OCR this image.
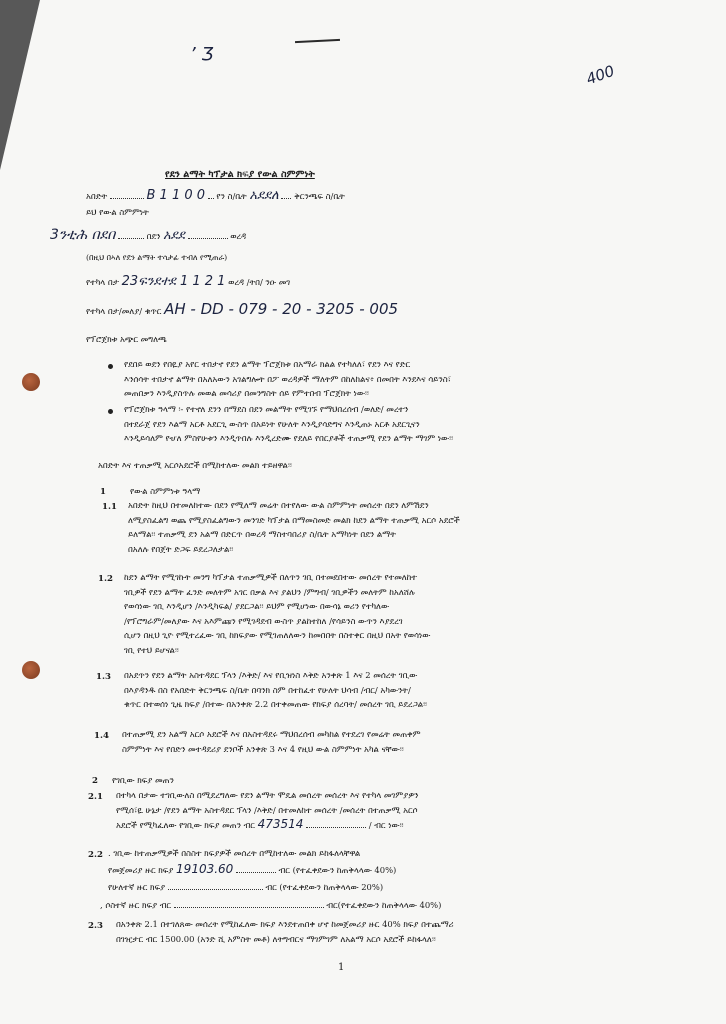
’ Ʒ
400
የደን ልማት ካፕታል ክፍያ የውል ስምምነት
አበድት	B 1 1 0 0 የን ስ/ቤት አደደለ ቅርንጫፍ ስ/ቤት
ይህ የውል ስምምነት
3ንቲሕ በደበ	በደን አደደ	ወረዳ
(በዚህ በኣለ የደን ልማት ተሳታፊ ተብለ የሚጠራ)
የተካላ በታ 23ፍንደተደ 1 1 2 1 ወረዳ /ትበ/ ንዑ መገ
የተካላ በታ/መለያ/ ቁጥር AH - DD - 079 - 20 - 3205 - 005
የፕሮጀክቱ አጭር መግለጫ
የደበይ ወደን የበዪያ አየር ተበታኖ የደን ልማት ፕሮጀክቱ በአማራ ክልል የተካለለ፣ የደን እና የድር
እንሰሳት ተበታኖ ልማት በአለአውን አገልግሎት በፖ ወረዳዎች ማለትም በከለከልና፥ በመበት እንደእና ሳይንስ፣
መጠበቃን እንዲያስጥሉ መወል መሳሪያ በመንግስት ሰይ የምተበብ ፕሮጀክት ነው፡፡
የፕሮጀክቱ ዓላማ ፡- የተኖለ ደንን በማደስ በደን መልማት የሚገኙ የማህበረሰብ /ወለድ/ መረተን
በተደራጀ የደን እልማ አርቶ አደርጊ ውስጥ በአይነት የሁለት እንዲያሳድግና እንዲጠኑ አርቶ አደርጊናን
እንዲይሳለም የሇለ ምስየሁቱን እንዲጥበሉ እንዲረድሙ የደለይ የበርያቶች ተጠቃሚ የደን ልማት ማገም ነው፡፡
አበድት እና ተጠቃሚ አርሶአደሮች በሚከተለው መልክ ተይዘዋል፡፡
1	የውል ስምምነቱ ዓላማ
1.1 አበድት ከዚህ በተመለከተው በደን የሚለማ መሬት በተየለው ውል ስምምነት መሰረት በደን ለምሽደን
ለሚያስፈልግ ወጨ የሚያስፈልግውን መንገድ ካፕታል በማመስመድ መልክ ከደን ልማት ተጠቃሚ አርሶ አደሮች
ይለማል፡፡ ተጠቃሚ ደን አልማ በድርጥ በወረዳ ማስተባበሪያ ስ/ቤት አማካነት በደን ልማት
በአለሉ የበጀት ድጋፍ ይደረጋለታል፡፡
1.2 ከደን ልማት የሚገኩት መንግ ካፕታል ተጠቃሚዎች በለጥን ገቢ በተመደበተው መሰረት የተመለከተ
ገቢዎች የደን ልማት ፈንድ መለትም አገር በቃል እና ያልህን /ምግብ/ ገቢዎችን መለትም ከአለሸሉ
የወሳነው ገቢ እንዲሆን /እንዲካፍል/ ያደርጋል፡፡ ይህም የሚሆነው በውሳኔ ወሪን የተካለው
/የፕሮግራም/መለያው እና አእምጩን የሚገዳደብ ውስጥ ያልከተከለ /የሳይንስ ውጥን እያደረገ
ሲሆን በዚህ ጊዮ የሚተረፈው ገቢ ከክፍያው የሚገጠለለውን ከመበበት በስተቀር በዚህ በአት የወሳነው
ገቢ የተህ ይሆናል፡፡
1.3 በአደጥን የደን ልማት አስተዳደር ፕላን /እቅድ/ እና የቢዝነስ እቅድ አንቀጽ 1 እና 2 መሰረት ገቢው
በእያዳንዱ በስ የአበድት ቅርንጫፍ ስ/ቤት በባንክ ስም በተከፈተ የሁለት ህሳብ /ብር/ አካውንት/
ቁጥር በተወሰነ ጊዜ ክፍያ /በተው በአንቀጽ 2.2 በተቀመጠው የክፍያ ሰረባት/ መሰረት ገቢ ይደረጋል፡፡
1.4 በተጠቃሚ ደን አልማ አርሶ አደሮች እና በአስተዳደሩ ማህበረሰብ መካከል የተደረገ የመሬት መጠቀም
ስምምነት እና የበድን መተዳደሪያ ደንቦች አንቀጽ 3 እና 4 የዚህ ውል ስምምነት አካል ናቸው፡፡
2 የገቢው ክፍያ መጠን
2.1 በተካላ በታው ተገቢውለስ በሚደረግለው የደን ልማት ሞዴል መሰረት መሰረት እና የተካላ መገምያዎን
የሚሰ፣ዪ ሁኔታ /የደን ልማት አስተዳደር ፕላን /እቅድ/ በተመለከተ መሰረት /መሰረት በተጠቃሚ አርሶ
አደሮች የሚካፈለው የገቢው ክፍያ መጠን ብር 473514	/ ብር ነው፡፡
2.2 . ገቢው ከተጠቃሚዎች በስስተ ክፍያዎች መሰረት በሚከተለው መልክ ይከፋለላቸዋል
የመጀመሪያ ዙር ክፍያ 19103.60	ብር (የተፈቀደውን ከጠቅላላው 40%)
የሁለተኛ ዙር ክፍያ	ብር (የተፈቀደውን ከጠቅላላው 20%)
, ሶስተኛ ዙር ክፍያ ብር	ብር(የተፈቀደውን ከጠቅላላው 40%)
2.3 በአንቀጽ 2.1 በተገለጸው መሰረት የሚከፈለው ክፍያ እንደተጠበቀ ሆኖ ከመጀመሪያ ዙር 40% ክፍያ በተጨማሪ
በገዢታር ብር 1500.00 (አንድ ሺ አምስት መቶ) ለትግብርና ማገምገም ለአልማ አርሶ አደሮች ይከፋላለ፡፡
1
